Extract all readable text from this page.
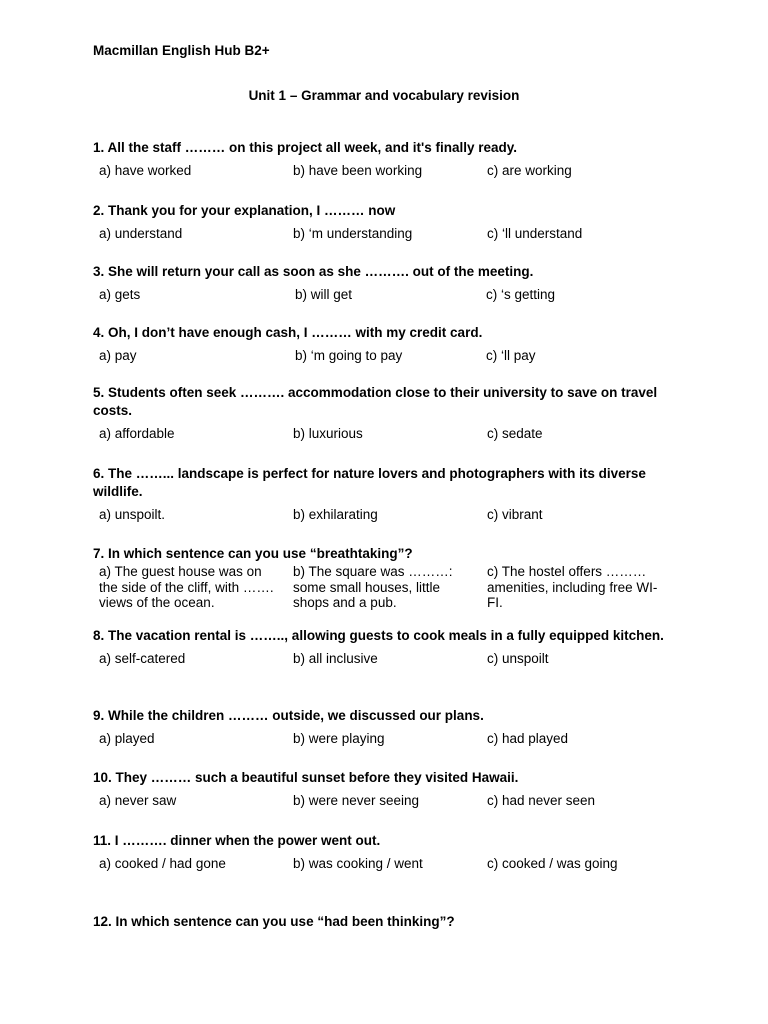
Macmillan English Hub B2+
Unit 1 – Grammar and vocabulary revision
1. All the staff ……… on this project all week, and it's finally ready.
a) have worked	b) have been working	c) are working
2. Thank you for your explanation, I ……… now
a) understand	b) ‘m understanding	c) ‘ll understand
3. She will return your call as soon as she ………. out of the meeting.
a) gets	b) will get	c) ‘s getting
4. Oh, I don’t have enough cash, I ……… with my credit card.
a) pay	b) ‘m going to pay	c) ‘ll pay
5. Students often seek ………. accommodation close to their university to save on travel costs.
a) affordable	b) luxurious	c) sedate
6. The ……... landscape is perfect for nature lovers and photographers with its diverse wildlife.
a) unspoilt.	b) exhilarating	c) vibrant
7. In which sentence can you use “breathtaking”?
a) The guest house was on the side of the cliff, with ……. views of the ocean.
b) The square was ………: some small houses, little shops and a pub.
c) The hostel offers ……… amenities, including free WI-FI.
8. The vacation rental is …….., allowing guests to cook meals in a fully equipped kitchen.
a) self-catered	b) all inclusive	c) unspoilt
9. While the children ……… outside, we discussed our plans.
a) played	b) were playing	c) had played
10. They ……… such a beautiful sunset before they visited Hawaii.
a) never saw	b) were never seeing	c) had never seen
11. I ………. dinner when the power went out.
a) cooked / had gone	b) was cooking / went	c) cooked / was going
12. In which sentence can you use “had been thinking”?
